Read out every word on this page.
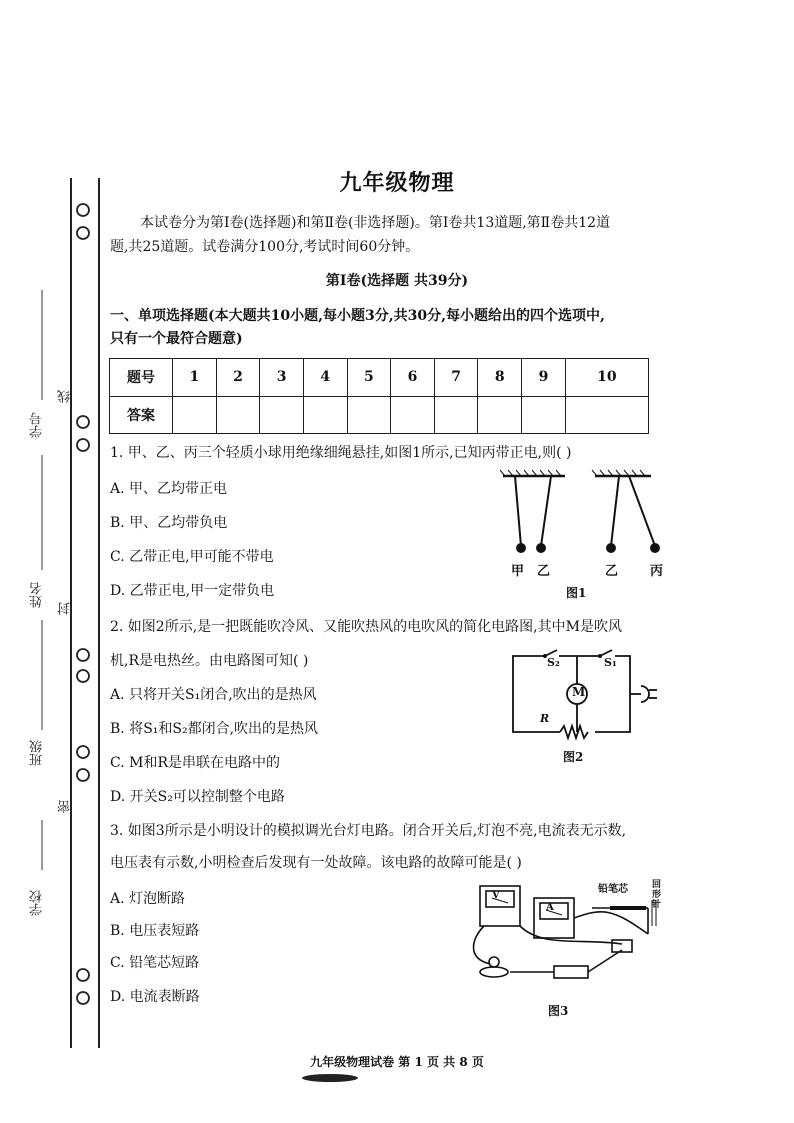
学号
线
姓名
封
班级
密
学校
九年级物理
本试卷分为第Ⅰ卷(选择题)和第Ⅱ卷(非选择题)。第Ⅰ卷共13道题,第Ⅱ卷共12道
题,共25道题。试卷满分100分,考试时间60分钟。
第Ⅰ卷(选择题 共39分)
一、单项选择题(本大题共10小题,每小题3分,共30分,每小题给出的四个选项中,
只有一个最符合题意)
题号	1	2	3	4	5	6	7	8	9	10
答案										
1. 甲、乙、丙三个轻质小球用绝缘细绳悬挂,如图1所示,已知丙带正电,则( )
A. 甲、乙均带正电
B. 甲、乙均带负电
C. 乙带正电,甲可能不带电
D. 乙带正电,甲一定带负电
甲 乙	乙 丙
图1
2. 如图2所示,是一把既能吹冷风、又能吹热风的电吹风的简化电路图,其中M是吹风
机,R是电热丝。由电路图可知( )
A. 只将开关S₁闭合,吹出的是热风
B. 将S₁和S₂都闭合,吹出的是热风
C. M和R是串联在电路中的
D. 开关S₂可以控制整个电路
S₂	S₁
M
R
图2
3. 如图3所示是小明设计的模拟调光台灯电路。闭合开关后,灯泡不亮,电流表无示数,
电压表有示数,小明检查后发现有一处故障。该电路的故障可能是( )
A. 灯泡断路
B. 电压表短路
C. 铅笔芯短路
D. 电流表断路
V
A
铅笔芯	回形针
图3
九年级物理试卷 第 1 页 共 8 页
